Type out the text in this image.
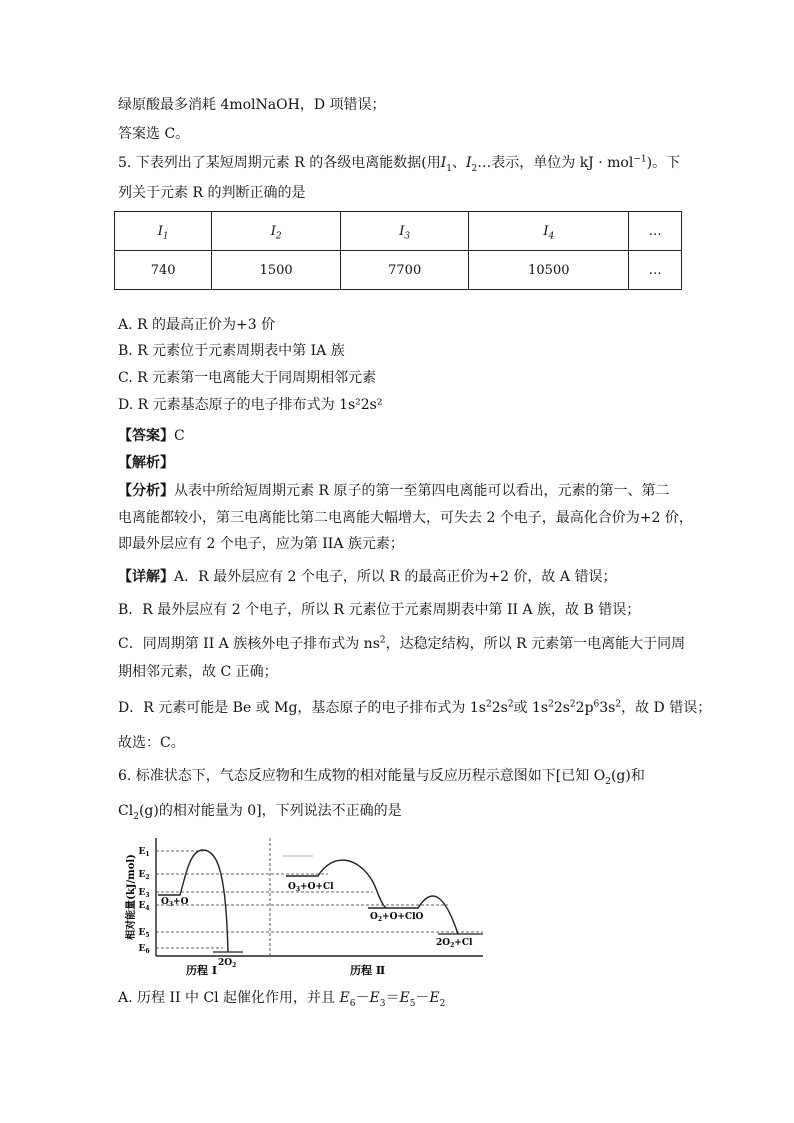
绿原酸最多消耗 4molNaOH，D 项错误；
答案选 C。
5. 下表列出了某短周期元素 R 的各级电离能数据(用$I_1$、$I_2\dots$表示，单位为 kJ · mol$^{-1}$)。下
列关于元素 R 的判断正确的是
$I_1$	$I_2$	$I_3$	$I_4$	…
740	1500	7700	10500	…
A. R 的最高正价为+3 价
B. R 元素位于元素周期表中第 IA 族
C. R 元素第一电离能大于同周期相邻元素
D. R 元素基态原子的电子排布式为 1s²2s²
【答案】C
【解析】
【分析】从表中所给短周期元素 R 原子的第一至第四电离能可以看出，元素的第一、第二
电离能都较小，第三电离能比第二电离能大幅增大，可失去 2 个电子，最高化合价为+2 价，
即最外层应有 2 个电子，应为第 IIA 族元素；
【详解】A．R 最外层应有 2 个电子，所以 R 的最高正价为+2 价，故 A 错误；
B．R 最外层应有 2 个电子，所以 R 元素位于元素周期表中第 II A 族，故 B 错误；
C．同周期第 II A 族核外电子排布式为 $ns^2$，达稳定结构，所以 R 元素第一电离能大于同周
期相邻元素，故 C 正确；
D．R 元素可能是 Be 或 Mg，基态原子的电子排布式为 $1s^22s^2$或 $1s^22s^22p^63s^2$，故 D 错误；
故选：C。
6. 标准状态下，气态反应物和生成物的相对能量与反应历程示意图如下[已知 $O_2(g)$和
$Cl_2(g)$的相对能量为 0]，下列说法不正确的是
相对能量(kJ/mol)
$E_1$
$E_2$
$E_3$
$E_4$
$E_5$
$E_6$
$O_3+O$
$2O_2$
$O_3+O+Cl$
$O_2+O+ClO$
$2O_2+Cl$
历程 Ⅰ	历程 Ⅱ
A. 历程 II 中 Cl 起催化作用，并且 $E_6-E_3=E_5-E_2$
